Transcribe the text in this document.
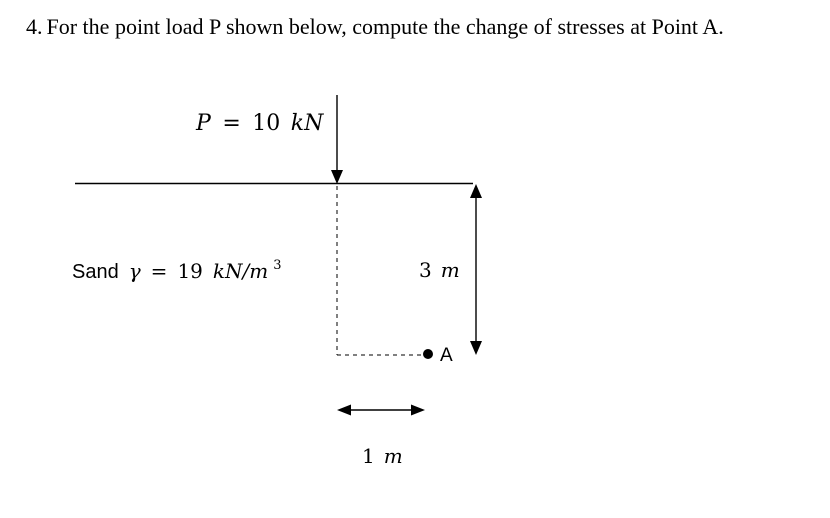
4. For the point load P shown below, compute the change of stresses at Point A.
P = 10 kN
A
3 m
Sand γ = 19 kN/m $^3$
1 m
